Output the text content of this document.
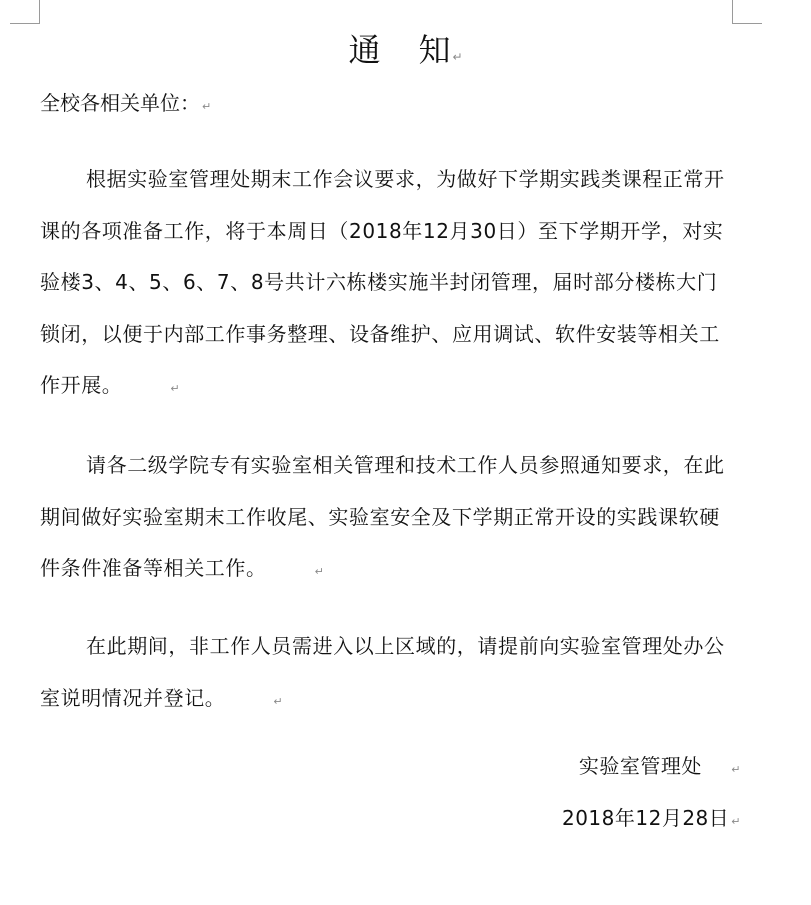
通 知 ↵
全校各相关单位： ↵

根据实验室管理处期末工作会议要求，为做好下学期实践类课程正常开课的各项准备工作，将于本周日（2018年12月30日）至下学期开学，对实验楼3、4、5、6、7、8号共计六栋楼实施半封闭管理，届时部分楼栋大门锁闭，以便于内部工作事务整理、设备维护、应用调试、软件安装等相关工作开展。	↵

请各二级学院专有实验室相关管理和技术工作人员参照通知要求，在此期间做好实验室期末工作收尾、实验室安全及下学期正常开设的实践课软硬件条件准备等相关工作。	↵

在此期间，非工作人员需进入以上区域的，请提前向实验室管理处办公室说明情况并登记。	↵

实验室管理处	↵
2018年12月28日 ↵
